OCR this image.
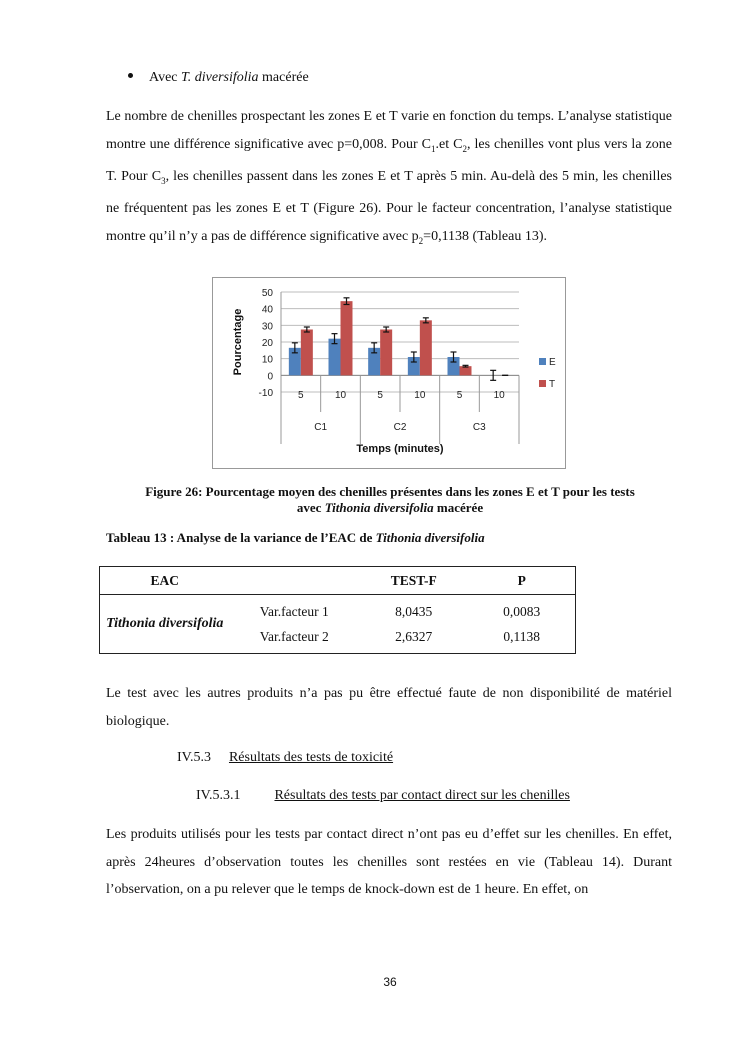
Avec T. diversifolia macérée
Le nombre de chenilles prospectant les zones E et T varie en fonction du temps. L’analyse statistique montre une différence significative avec p=0,008. Pour $C_1.et$ $C_2$, les chenilles vont plus vers la zone T. Pour $C_3$, les chenilles passent dans les zones E et T après 5 min. Au-delà des 5 min, les chenilles ne fréquentent pas les zones E et T (Figure 26). Pour le facteur concentration, l’analyse statistique montre qu’il n’y a pas de différence significative avec $p_2=0,1138$ (Tableau 13).
-10
0
10
20
30
40
50
5	10	5	10	5	10
C1	C2	C3
Pourcentage
Temps (minutes)
E
T
Figure 26: Pourcentage moyen des chenilles présentes dans les zones E et T pour les tests
avec Tithonia diversifolia macérée
Tableau 13 : Analyse de la variance de l’EAC de Tithonia diversifolia
EAC		TEST-F	P
Tithonia diversifolia	Var.facteur 1	8,0435	0,0083
	Var.facteur 2	2,6327	0,1138
Le test avec les autres produits n’a pas pu être effectué faute de non disponibilité de matériel biologique.
IV.5.3 Résultats des tests de toxicité
IV.5.3.1 Résultats des tests par contact direct sur les chenilles
Les produits utilisés pour les tests par contact direct n’ont pas eu d’effet sur les chenilles. En effet, après 24heures d’observation toutes les chenilles sont restées en vie (Tableau 14). Durant l’observation, on a pu relever que le temps de knock-down est de 1 heure. En effet, on
36
